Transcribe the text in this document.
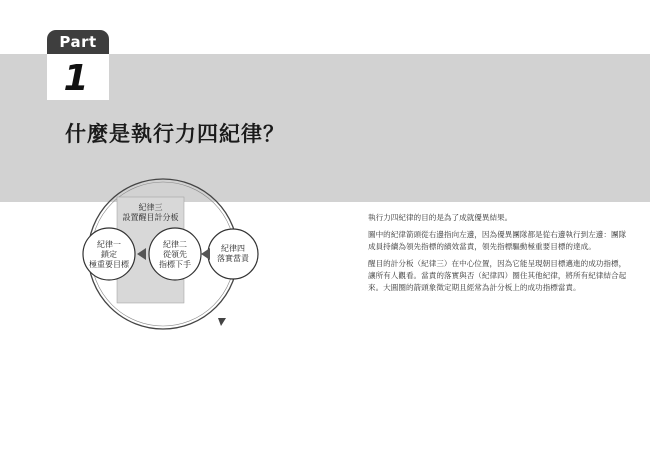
Part
1
什麼是執行力四紀律？
紀律三
設置醒目計分板
紀律一
鎖定
極重要目標
紀律二
從領先
指標下手
紀律四
落實當責

執行力四紀律的目的是為了成就優異結果。

圖中的紀律箭頭從右邊指向左邊，因為優異團隊都是從右邊執行到左邊：團隊成員持續為領先指標的績效當責，領先指標驅動極重要目標的達成。

醒目的計分板（紀律三）在中心位置，因為它能呈現朝目標邁進的成功指標，讓所有人觀看。當責的落實與否（紀律四）圈住其他紀律，將所有紀律結合起來。大圓圈的箭頭象徵定期且經常為計分板上的成功指標當責。
